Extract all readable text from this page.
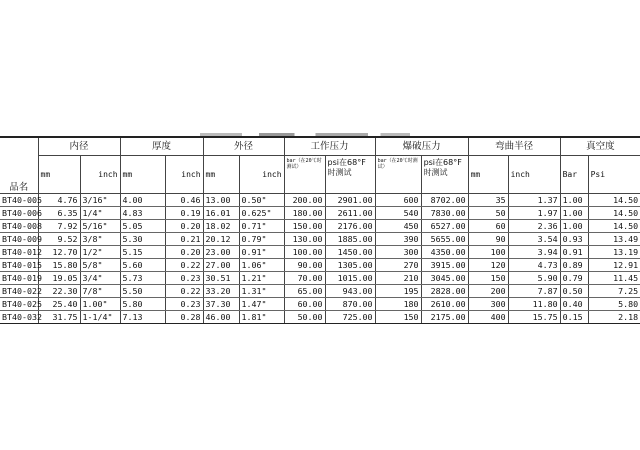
品名	内径		厚度		外径		工作压力		爆破压力		弯曲半径		真空度	
	mm	inch	mm	inch	mm	inch	bar（在20℃时测试）	psi在68°F时测试	bar（在20℃时测试）	psi在68°F时测试	mm	inch	Bar	Psi
BT40-005	4.76	3/16"	4.00	0.46	13.00	0.50"	200.00	2901.00	600	8702.00	35	1.37	1.00	14.50
BT40-006	6.35	1/4"	4.83	0.19	16.01	0.625"	180.00	2611.00	540	7830.00	50	1.97	1.00	14.50
BT40-008	7.92	5/16"	5.05	0.20	18.02	0.71"	150.00	2176.00	450	6527.00	60	2.36	1.00	14.50
BT40-009	9.52	3/8"	5.30	0.21	20.12	0.79"	130.00	1885.00	390	5655.00	90	3.54	0.93	13.49
BT40-012	12.70	1/2"	5.15	0.20	23.00	0.91"	100.00	1450.00	300	4350.00	100	3.94	0.91	13.19
BT40-015	15.80	5/8"	5.60	0.22	27.00	1.06"	90.00	1305.00	270	3915.00	120	4.73	0.89	12.91
BT40-019	19.05	3/4"	5.73	0.23	30.51	1.21"	70.00	1015.00	210	3045.00	150	5.90	0.79	11.45
BT40-022	22.30	7/8"	5.50	0.22	33.20	1.31"	65.00	943.00	195	2828.00	200	7.87	0.50	7.25
BT40-025	25.40	1.00"	5.80	0.23	37.30	1.47"	60.00	870.00	180	2610.00	300	11.80	0.40	5.80
BT40-032	31.75	1-1/4"	7.13	0.28	46.00	1.81"	50.00	725.00	150	2175.00	400	15.75	0.15	2.18
